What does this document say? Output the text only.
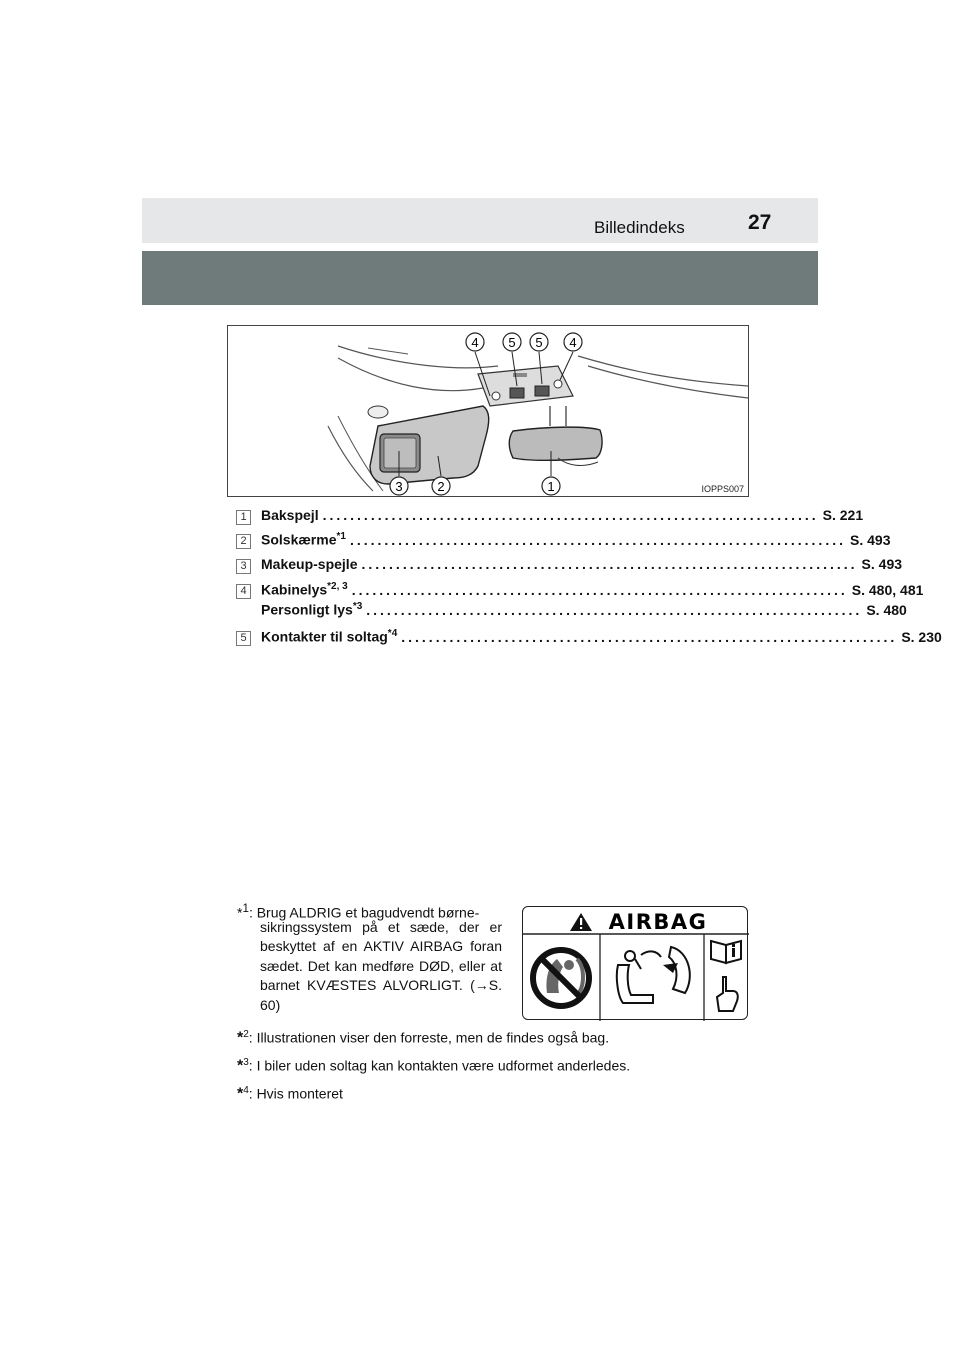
Billedindeks	27
4 5 5 4
3	2	1	IOPPS007
1	Bakspejl ........................................................................ S. 221
2	Solskærme$^{*1}$ ........................................................................ S. 493
3	Makeup-spejle ........................................................................ S. 493
4	Kabinelys$^{*2, 3}$ ........................................................................ S. 480, 481
Personligt lys$^{*3}$ ........................................................................ S. 480
5	Kontakter til soltag$^{*4}$ ........................................................................ S. 230
*$^1$: Brug ALDRIG et bagudvendt børne-
sikringssystem på et sæde, der er beskyttet af en AKTIV AIRBAG foran sædet. Det kan medføre DØD, eller at barnet KVÆSTES ALVORLIGT. (→S. 60)
AIRBAG
*$^2$: Illustrationen viser den forreste, men de findes også bag.
*$^3$: I biler uden soltag kan kontakten være udformet anderledes.
*$^4$: Hvis monteret
